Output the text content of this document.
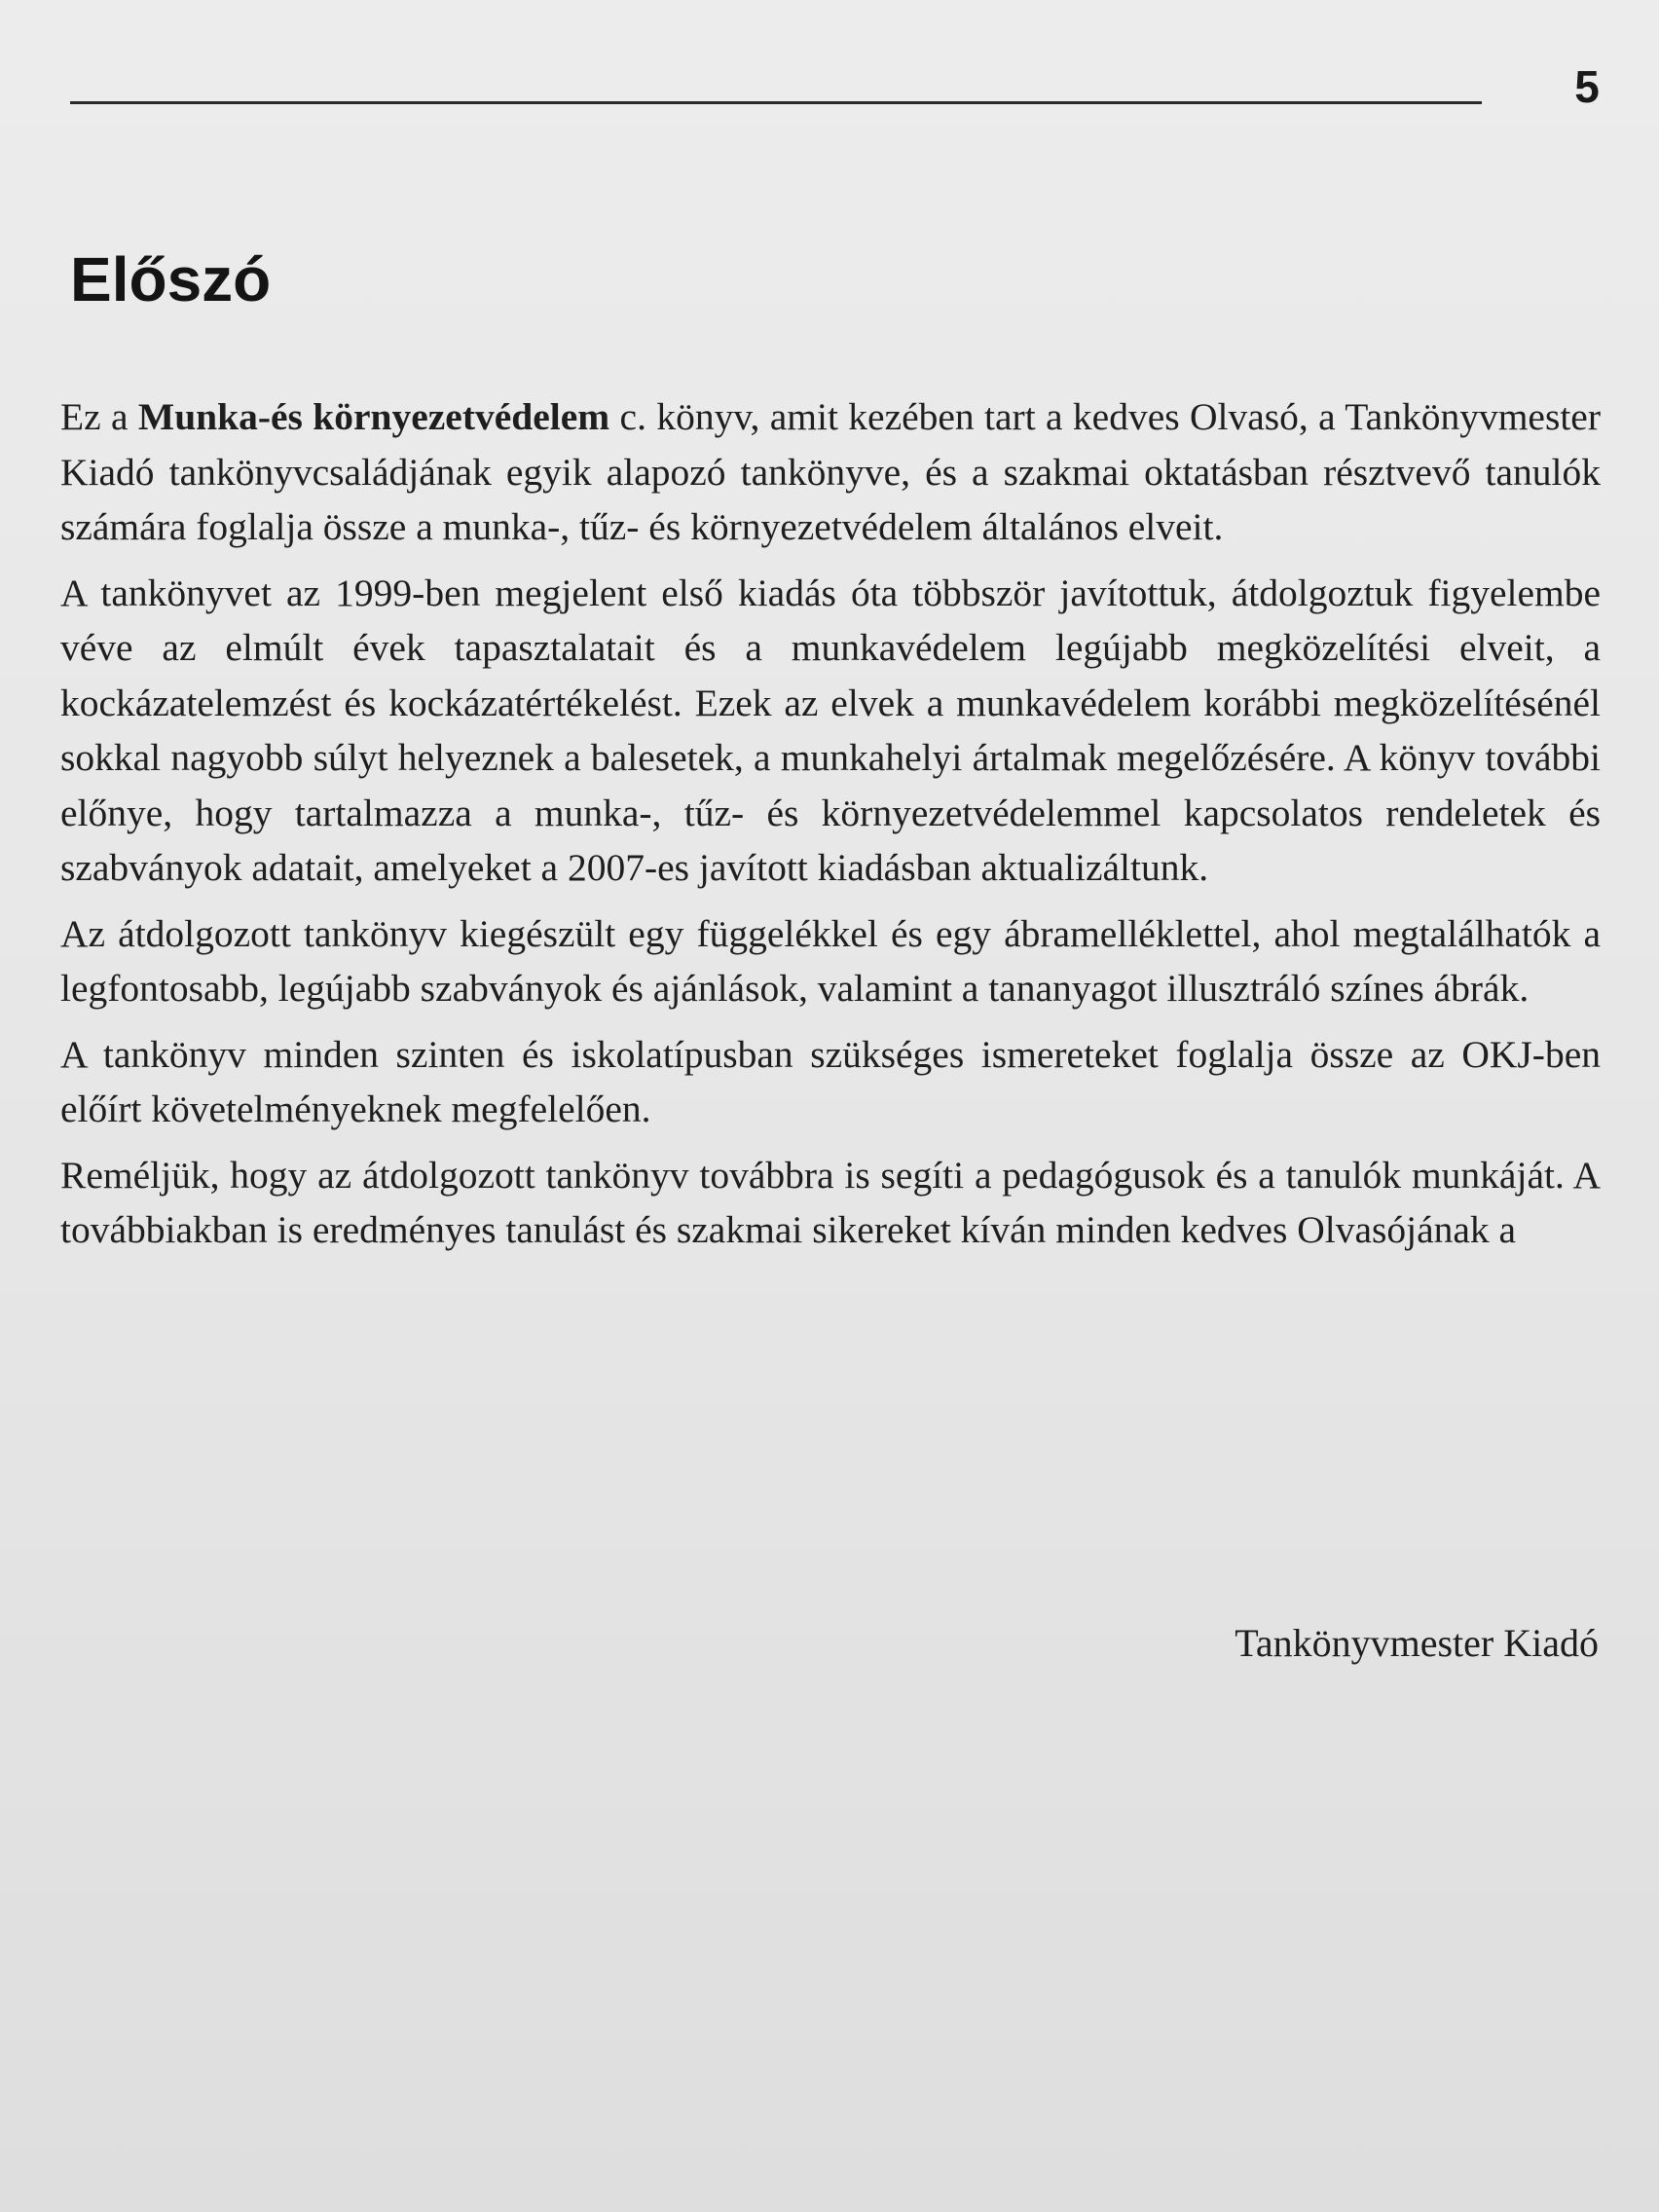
5
Előszó

Ez a Munka-és környezetvédelem c. könyv, amit kezében tart a kedves Olvasó, a Tankönyvmester Kiadó tankönyvcsaládjának egyik alapozó tankönyve, és a szakmai oktatásban résztvevő tanulók számára foglalja össze a munka-, tűz- és környezetvédelem általános elveit.

A tankönyvet az 1999-ben megjelent első kiadás óta többször javítottuk, átdolgoztuk figyelembe véve az elmúlt évek tapasztalatait és a munkavédelem legújabb megközelítési elveit, a kockázatelemzést és kockázatértékelést. Ezek az elvek a munkavédelem korábbi megközelítésénél sokkal nagyobb súlyt helyeznek a balesetek, a munkahelyi ártalmak megelőzésére. A könyv további előnye, hogy tartalmazza a munka-, tűz- és környezetvédelemmel kapcsolatos rendeletek és szabványok adatait, amelyeket a 2007-es javított kiadásban aktualizáltunk.

Az átdolgozott tankönyv kiegészült egy függelékkel és egy ábramelléklettel, ahol megtalálhatók a legfontosabb, legújabb szabványok és ajánlások, valamint a tananyagot illusztráló színes ábrák.

A tankönyv minden szinten és iskolatípusban szükséges ismereteket foglalja össze az OKJ-ben előírt követelményeknek megfelelően.

Reméljük, hogy az átdolgozott tankönyv továbbra is segíti a pedagógusok és a tanulók munkáját. A továbbiakban is eredményes tanulást és szakmai sikereket kíván minden kedves Olvasójának a

Tankönyvmester Kiadó
